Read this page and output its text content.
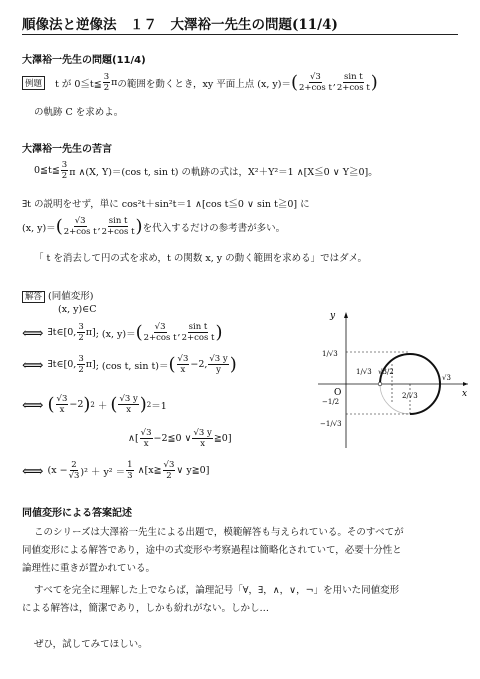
順像法と逆像法　１７　大澤裕一先生の問題(11/4)
大澤裕一先生の問題(11/4)
例題	t が 0≦t≦ $\frac{3}{2}$ π の範囲を動くとき，xy 平面上点 (x, y)＝ ( $\frac{√3}{\text{2+cos t}}$ , $\frac{\text{sin t}}{\text{2+cos t}}$ )
の軌跡 C を求めよ。
大澤裕一先生の苦言
0≦t≦ $\frac{3}{2}$ π ∧(X, Y)＝(cos t, sin t) の軌跡の式は，X²＋Y²＝1 ∧[X≦0 ∨ Y≧0]。
∃t の説明をせず，単に cos²t＋sin²t＝1 ∧[cos t≦0 ∨ sin t≧0] に
(x, y)＝ ( $\frac{√3}{\text{2+cos t}}$ , $\frac{\text{sin t}}{\text{2+cos t}}$ ) を代入するだけの参考書が多い。
「 t を消去して円の式を求め，t の関数 x, y の動く範囲を求める」ではダメ。
解答 (同値変形)
(x, y)∈C
⟺ ∃t∈ [0, $\frac{3}{2}$ π ] ; (x, y)＝ ( $\frac{√3}{\text{2+cos t}}$ , $\frac{\text{sin t}}{\text{2+cos t}}$ )
⟺ ∃t∈ [0, $\frac{3}{2}$ π ] ; (cos t, sin t)＝ ( $\frac{√3}{x} -2$, $\frac{√3 y}{y}$ )
⟺ ( $\frac{√3}{x} -2$ ) 2 ＋ ( $\frac{√3 y}{x}$ ) 2 ＝1
∧[ $\frac{√3}{x}$ −2≦0 ∨ $\frac{√3 y}{x}$ ≧0]
⟺ $(x - \frac{2}{√3} )^2 + y^2 = \frac{1}{3}$ ∧[x≧ $\frac{√3}{2}$ ∨ y≧0]
y
x
O
1/√3
−1/2
−1/√3
1/√3 √3/2
2/√3
√3
同値変形による答案記述
このシリーズは大澤裕一先生による出題で，模範解答も与えられている。そのすべてが
同値変形による解答であり，途中の式変形や考察過程は簡略化されていて，必要十分性と
論理性に重きが置かれている。
すべてを完全に理解した上でならば，論理記号「∀，∃，∧，∨，¬」を用いた同値変形
による解答は，簡潔であり，しかも紛れがない。しかし…
ぜひ，試してみてほしい。
